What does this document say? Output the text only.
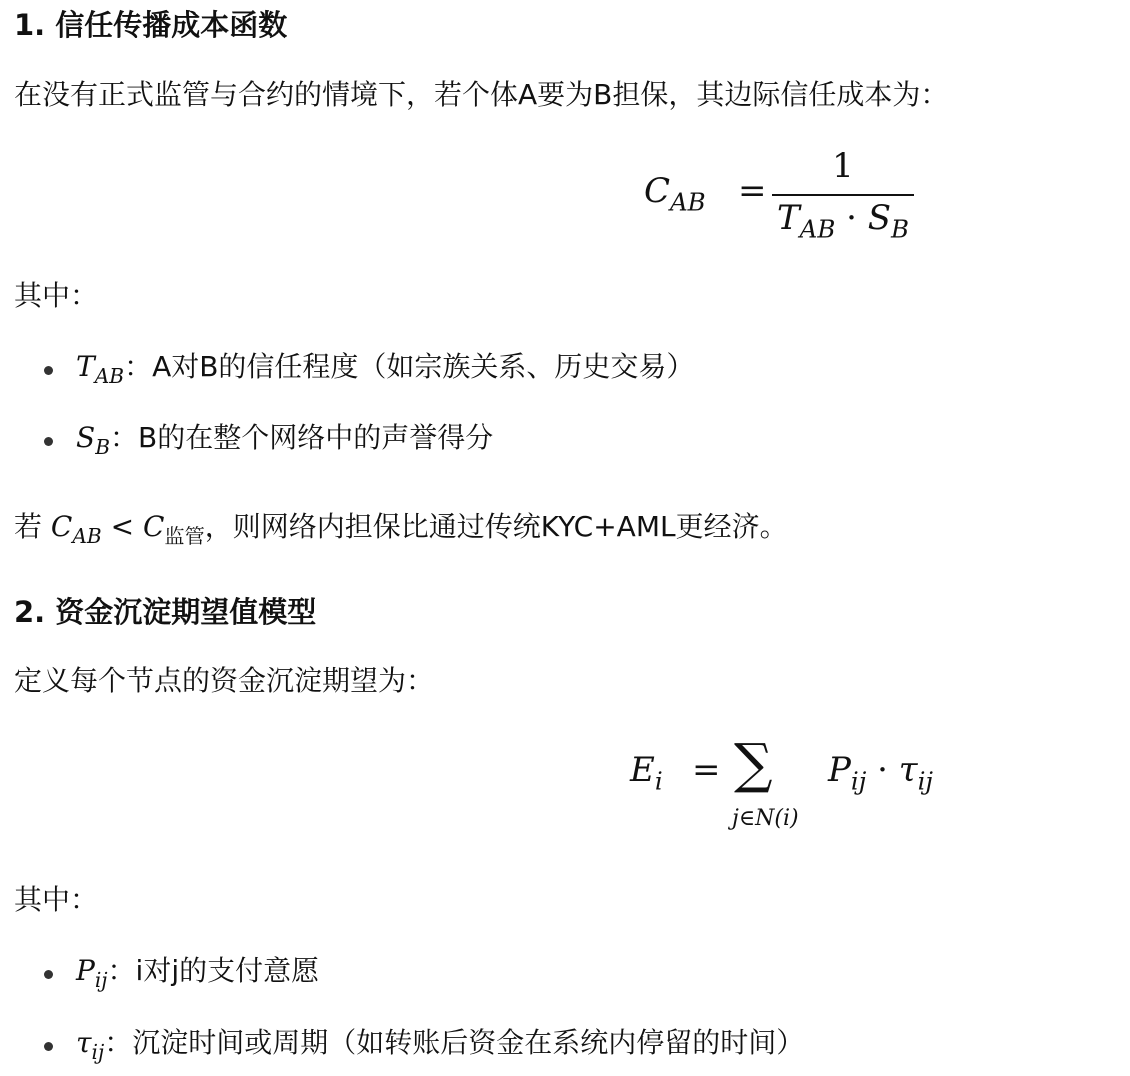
1. 信任传播成本函数

在没有正式监管与合约的情境下，若个体A要为B担保，其边际信任成本为：

$C_{AB}$ =
1
$T_{AB} \cdot S_B$

其中：

$T_{AB}$：A对B的信任程度（如宗族关系、历史交易）
$S_B$：B的在整个网络中的声誉得分

若 $C_{AB} < C_{监管}$，则网络内担保比通过传统KYC+AML更经济。

2. 资金沉淀期望值模型

定义每个节点的资金沉淀期望为：

$E_i$ = ∑
j∈N(i)
$P_{ij} \cdot \tau_{ij}$

其中：

$P_{ij}$：i对j的支付意愿
$\tau_{ij}$：沉淀时间或周期（如转账后资金在系统内停留的时间）
